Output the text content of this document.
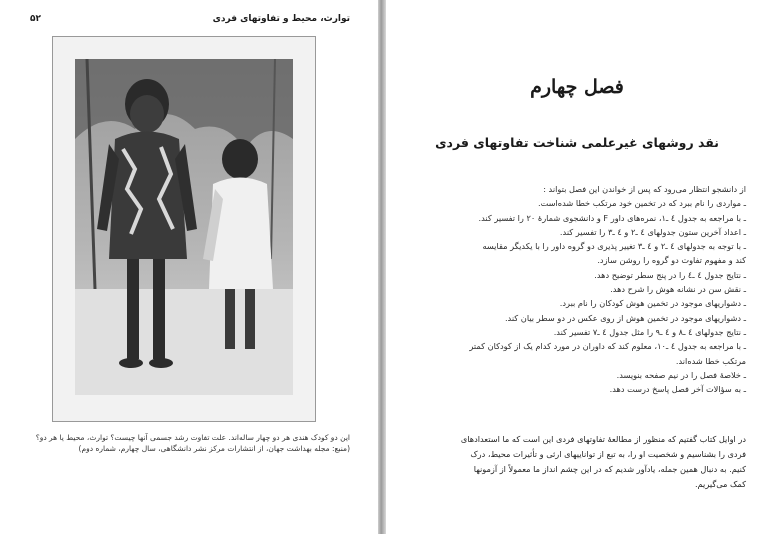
توارث، محیط و تفاوتهای فردی
۵۲
این دو کودک هندی هر دو چهار ساله‌اند. علت تفاوت رشد جسمی آنها چیست؟ توارث، محیط یا هر دو؟
(منبع: مجله بهداشت جهان، از انتشارات مرکز نشر دانشگاهی، سال چهارم، شماره دوم)
فصل چهارم
نقد روشهای غیرعلمی شناخت تفاوتهای فردی
از دانشجو انتظار می‌رود که پس از خواندن این فصل بتواند :
ـ مواردی را نام ببرد که در تخمین خود مرتکب خطا شده‌است.
ـ با مراجعه به جدول ٤ ـ۱، نمره‌های داور F و دانشجوی شمارهٔ ۲۰ را تفسیر کند.
ـ اعداد آخرین ستون جدولهای ٤ ـ۲ و ٤ ـ۳ را تفسیر کند.
ـ با توجه به جدولهای ٤ ـ۲ و ٤ ـ۳ تغییر پذیری دو گروه داور را با یکدیگر مقایسه
کند و مفهوم تفاوت دو گروه را روشن سازد.
ـ نتایج جدول ٤ ـ٤ را در پنج سطر توضیح دهد.
ـ نقش سن در نشانه هوش را شرح دهد.
ـ دشواریهای موجود در تخمین هوش کودکان را نام ببرد.
ـ دشواریهای موجود در تخمین هوش از روی عکس در دو سطر بیان کند.
ـ نتایج جدولهای ٤ ـ۸ و ٤ ـ۹ را مثل جدول ٤ ـ۷ تفسیر کند.
ـ با مراجعه به جدول ٤ ـ۱۰، معلوم کند که داوران در مورد کدام یک از کودکان کمتر
مرتکب خطا شده‌اند.
ـ خلاصهٔ فصل را در نیم صفحه بنویسد.
ـ به سؤالات آخر فصل پاسخ درست دهد.
در اوایل کتاب گفتیم که منظور از مطالعهٔ تفاوتهای فردی این است که ما استعدادهای
فردی را بشناسیم و شخصیت او را، به تبع از تواناییهای ارثی و تأثیرات محیط، درک
کنیم. به دنبال همین جمله، یادآور شدیم که در این چشم انداز ما معمولاً از آزمونها
کمک می‌گیریم.
